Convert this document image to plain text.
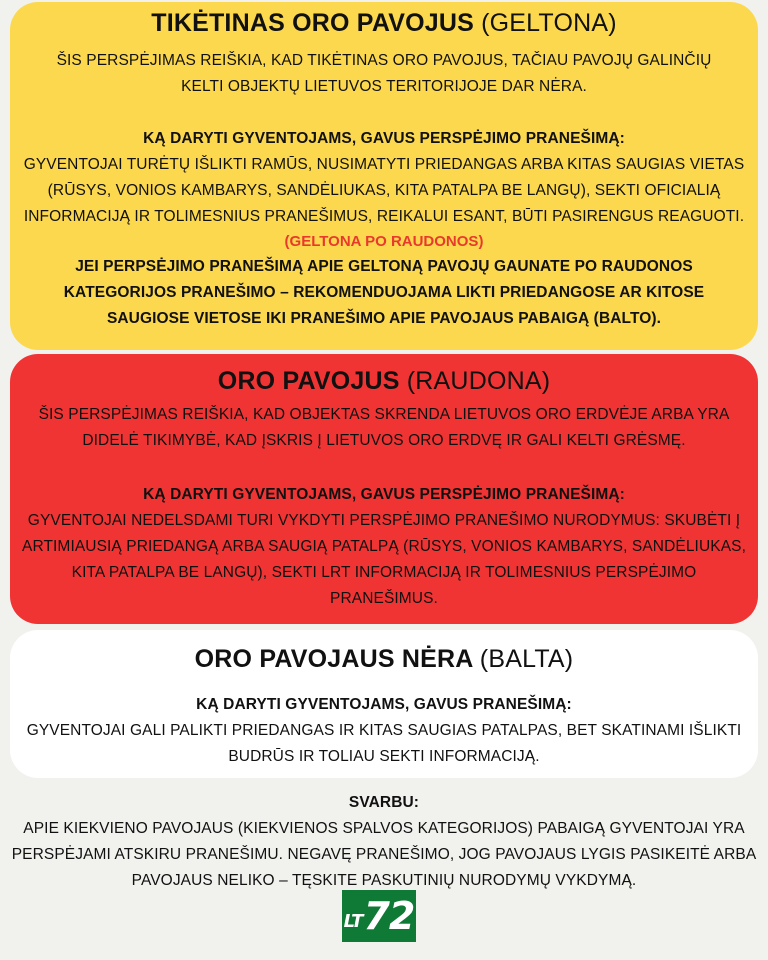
TIKĖTINAS ORO PAVOJUS (GELTONA)

ŠIS PERSPĖJIMAS REIŠKIA, KAD TIKĖTINAS ORO PAVOJUS, TAČIAU PAVOJŲ GALINČIŲ

KELTI OBJEKTŲ LIETUVOS TERITORIJOJE DAR NĖRA.

KĄ DARYTI GYVENTOJAMS, GAVUS PERSPĖJIMO PRANEŠIMĄ:

GYVENTOJAI TURĖTŲ IŠLIKTI RAMŪS, NUSIMATYTI PRIEDANGAS ARBA KITAS SAUGIAS VIETAS

(RŪSYS, VONIOS KAMBARYS, SANDĖLIUKAS, KITA PATALPA BE LANGŲ), SEKTI OFICIALIĄ

INFORMACIJĄ IR TOLIMESNIUS PRANEŠIMUS, REIKALUI ESANT, BŪTI PASIRENGUS REAGUOTI.

(GELTONA PO RAUDONOS)

JEI PERPSĖJIMO PRANEŠIMĄ APIE GELTONĄ PAVOJŲ GAUNATE PO RAUDONOS

KATEGORIJOS PRANEŠIMO – REKOMENDUOJAMA LIKTI PRIEDANGOSE AR KITOSE

SAUGIOSE VIETOSE IKI PRANEŠIMO APIE PAVOJAUS PABAIGĄ (BALTO).

ORO PAVOJUS (RAUDONA)

ŠIS PERSPĖJIMAS REIŠKIA, KAD OBJEKTAS SKRENDA LIETUVOS ORO ERDVĖJE ARBA YRA

DIDELĖ TIKIMYBĖ, KAD ĮSKRIS Į LIETUVOS ORO ERDVĘ IR GALI KELTI GRĖSMĘ.

KĄ DARYTI GYVENTOJAMS, GAVUS PERSPĖJIMO PRANEŠIMĄ:

GYVENTOJAI NEDELSDAMI TURI VYKDYTI PERSPĖJIMO PRANEŠIMO NURODYMUS: SKUBĖTI Į

ARTIMIAUSIĄ PRIEDANGĄ ARBA SAUGIĄ PATALPĄ (RŪSYS, VONIOS KAMBARYS, SANDĖLIUKAS,

KITA PATALPA BE LANGŲ), SEKTI LRT INFORMACIJĄ IR TOLIMESNIUS PERSPĖJIMO

PRANEŠIMUS.

ORO PAVOJAUS NĖRA (BALTA)

KĄ DARYTI GYVENTOJAMS, GAVUS PRANEŠIMĄ:

GYVENTOJAI GALI PALIKTI PRIEDANGAS IR KITAS SAUGIAS PATALPAS, BET SKATINAMI IŠLIKTI

BUDRŪS IR TOLIAU SEKTI INFORMACIJĄ.

SVARBU:

APIE KIEKVIENO PAVOJAUS (KIEKVIENOS SPALVOS KATEGORIJOS) PABAIGĄ GYVENTOJAI YRA

PERSPĖJAMI ATSKIRU PRANEŠIMU. NEGAVĘ PRANEŠIMO, JOG PAVOJAUS LYGIS PASIKEITĖ ARBA

PAVOJAUS NELIKO – TĘSKITE PASKUTINIŲ NURODYMŲ VYKDYMĄ.

LT 72
